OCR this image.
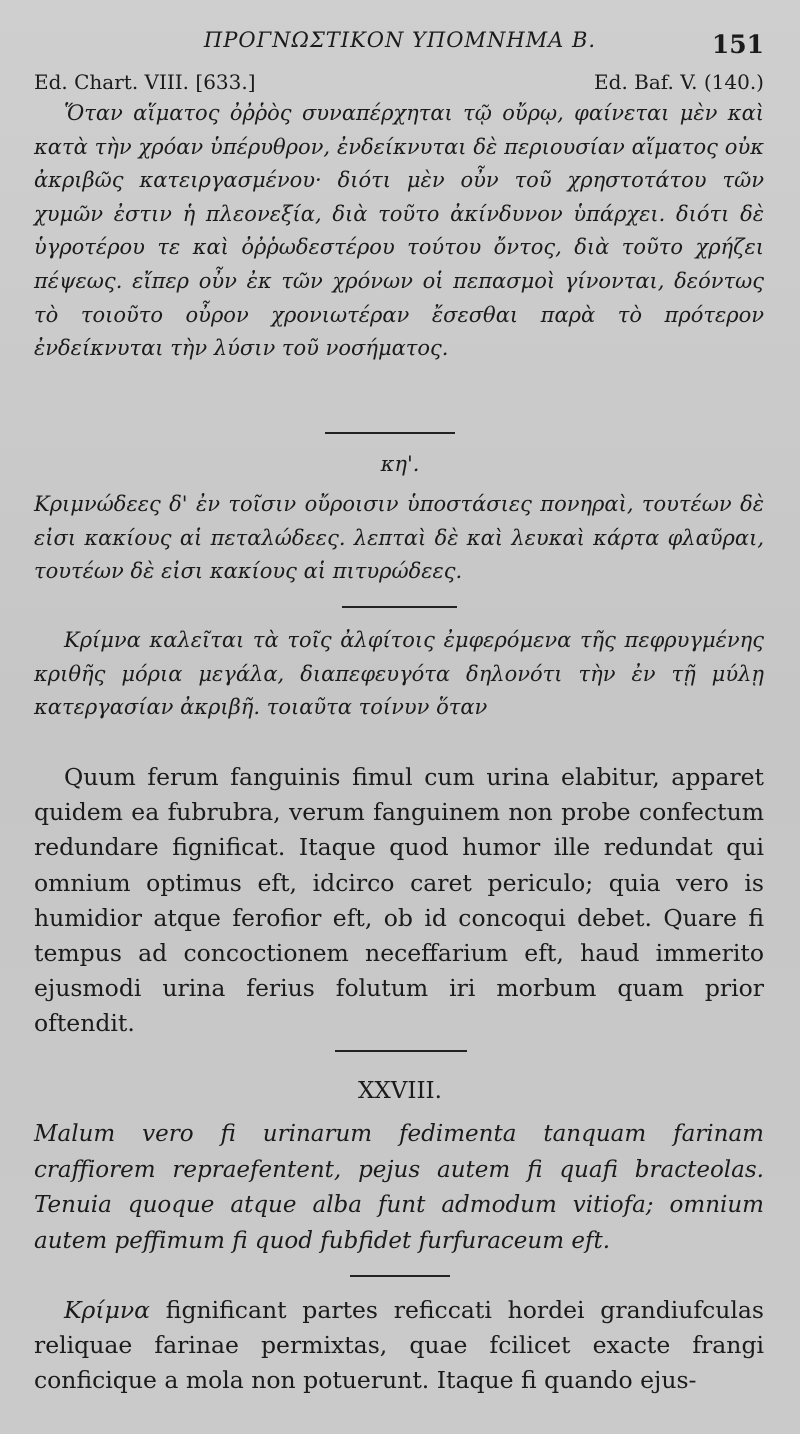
ΠΡΟΓΝΩΣΤΙΚΟΝ ΥΠΟΜΝΗΜΑ Β.	151
Ed. Chart. VIII. [633.]	Ed. Baf. V. (140.)

Ὅταν αἵματος ὀῤῥὸς συναπέρχηται τῷ οὔρῳ, φαίνεται μὲν καὶ κατὰ τὴν χρόαν ὑπέρυθρον, ἐνδείκνυται δὲ περιουσίαν αἵματος οὐκ ἀκριβῶς κατειργασμένου· διότι μὲν οὖν τοῦ χρηστοτάτου τῶν χυμῶν ἐστιν ἡ πλεονεξία, διὰ τοῦτο ἀκίνδυνον ὑπάρχει. διότι δὲ ὑγροτέρου τε καὶ ὀῤῥωδεστέρου τούτου ὄντος, διὰ τοῦτο χρήζει πέψεως. εἴπερ οὖν ἐκ τῶν χρόνων οἱ πεπασμοὶ γίνονται, δεόντως τὸ τοιοῦτο οὖρον χρονιωτέραν ἔσεσθαι παρὰ τὸ πρότερον ἐνδείκνυται τὴν λύσιν τοῦ νοσήματος.

κη'.

Κριμνώδεες δ' ἐν τοῖσιν οὔροισιν ὑποστάσιες πονηραὶ, τουτέων δὲ εἰσι κακίους αἱ πεταλώδεες. λεπταὶ δὲ καὶ λευκαὶ κάρτα φλαῦραι, τουτέων δὲ εἰσι κακίους αἱ πιτυρώδεες.

Κρίμνα καλεῖται τὰ τοῖς ἀλφίτοις ἐμφερόμενα τῆς πεφρυγμένης κριθῆς μόρια μεγάλα, διαπεφευγότα δηλονότι τὴν ἐν τῇ μύλῃ κατεργασίαν ἀκριβῆ. τοιαῦτα τοίνυν ὅταν

Quum ferum fanguinis fimul cum urina elabitur, apparet quidem ea fubrubra, verum fanguinem non probe confectum redundare fignificat. Itaque quod humor ille redundat qui omnium optimus eft, idcirco caret periculo; quia vero is humidior atque ferofior eft, ob id concoqui debet. Quare fi tempus ad concoctionem neceffarium eft, haud immerito ejusmodi urina ferius folutum iri morbum quam prior oftendit.

XXVIII.

Malum vero fi urinarum fedimenta tanquam farinam craffiorem repraefentent, pejus autem fi quafi bracteolas. Tenuia quoque atque alba funt admodum vitiofa; omnium autem peffimum fi quod fubfidet furfuraceum eft.

Κρίμνα fignificant partes reficcati hordei grandiufculas reliquae farinae permixtas, quae fcilicet exacte frangi conficique a mola non potuerunt. Itaque fi quando ejus-
